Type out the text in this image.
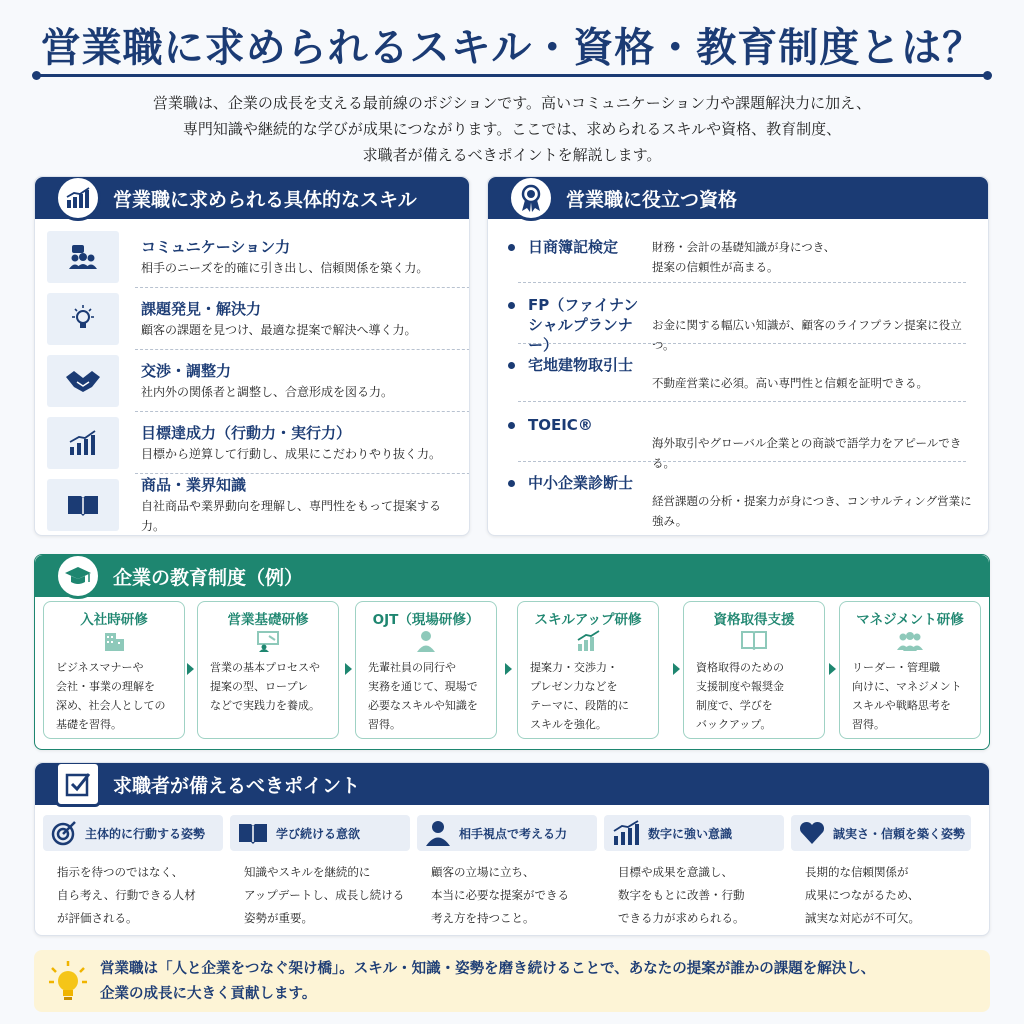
営業職に求められるスキル・資格・教育制度とは？
営業職は、企業の成長を支える最前線のポジションです。高いコミュニケーション力や課題解決力に加え、
専門知識や継続的な学びが成果につながります。ここでは、求められるスキルや資格、教育制度、
求職者が備えるべきポイントを解説します。
営業職に求められる具体的なスキル
コミュニケーション力
相手のニーズを的確に引き出し、信頼関係を築く力。
課題発見・解決力
顧客の課題を見つけ、最適な提案で解決へ導く力。
交渉・調整力
社内外の関係者と調整し、合意形成を図る力。
目標達成力（行動力・実行力）
目標から逆算して行動し、成果にこだわりやり抜く力。
商品・業界知識
自社商品や業界動向を理解し、専門性をもって提案する力。
営業職に役立つ資格
日商簿記検定	財務・会計の基礎知識が身につき、
提案の信頼性が高まる。
FP（ファイナンシャルプランナー）
お金に関する幅広い知識が、顧客のライフプラン提案に役立つ。
宅地建物取引士
不動産営業に必須。高い専門性と信頼を証明できる。
TOEIC®
海外取引やグローバル企業との商談で語学力をアピールできる。
中小企業診断士
経営課題の分析・提案力が身につき、コンサルティング営業に強み。
企業の教育制度（例）
入社時研修
ビジネスマナーや
会社・事業の理解を
深め、社会人としての
基礎を習得。
営業基礎研修
営業の基本プロセスや
提案の型、ロープレ
などで実践力を養成。
OJT（現場研修）
先輩社員の同行や
実務を通じて、現場で
必要なスキルや知識を
習得。
スキルアップ研修
提案力・交渉力・
プレゼン力などを
テーマに、段階的に
スキルを強化。
資格取得支援
資格取得のための
支援制度や報奨金
制度で、学びを
バックアップ。
マネジメント研修
リーダー・管理職
向けに、マネジメント
スキルや戦略思考を
習得。
求職者が備えるべきポイント
主体的に行動する姿勢
指示を待つのではなく、
自ら考え、行動できる人材
が評価される。
学び続ける意欲
知識やスキルを継続的に
アップデートし、成長し続ける
姿勢が重要。
相手視点で考える力
顧客の立場に立ち、
本当に必要な提案ができる
考え方を持つこと。
数字に強い意識
目標や成果を意識し、
数字をもとに改善・行動
できる力が求められる。
誠実さ・信頼を築く姿勢
長期的な信頼関係が
成果につながるため、
誠実な対応が不可欠。
営業職は「人と企業をつなぐ架け橋」。スキル・知識・姿勢を磨き続けることで、あなたの提案が誰かの課題を解決し、
企業の成長に大きく貢献します。
